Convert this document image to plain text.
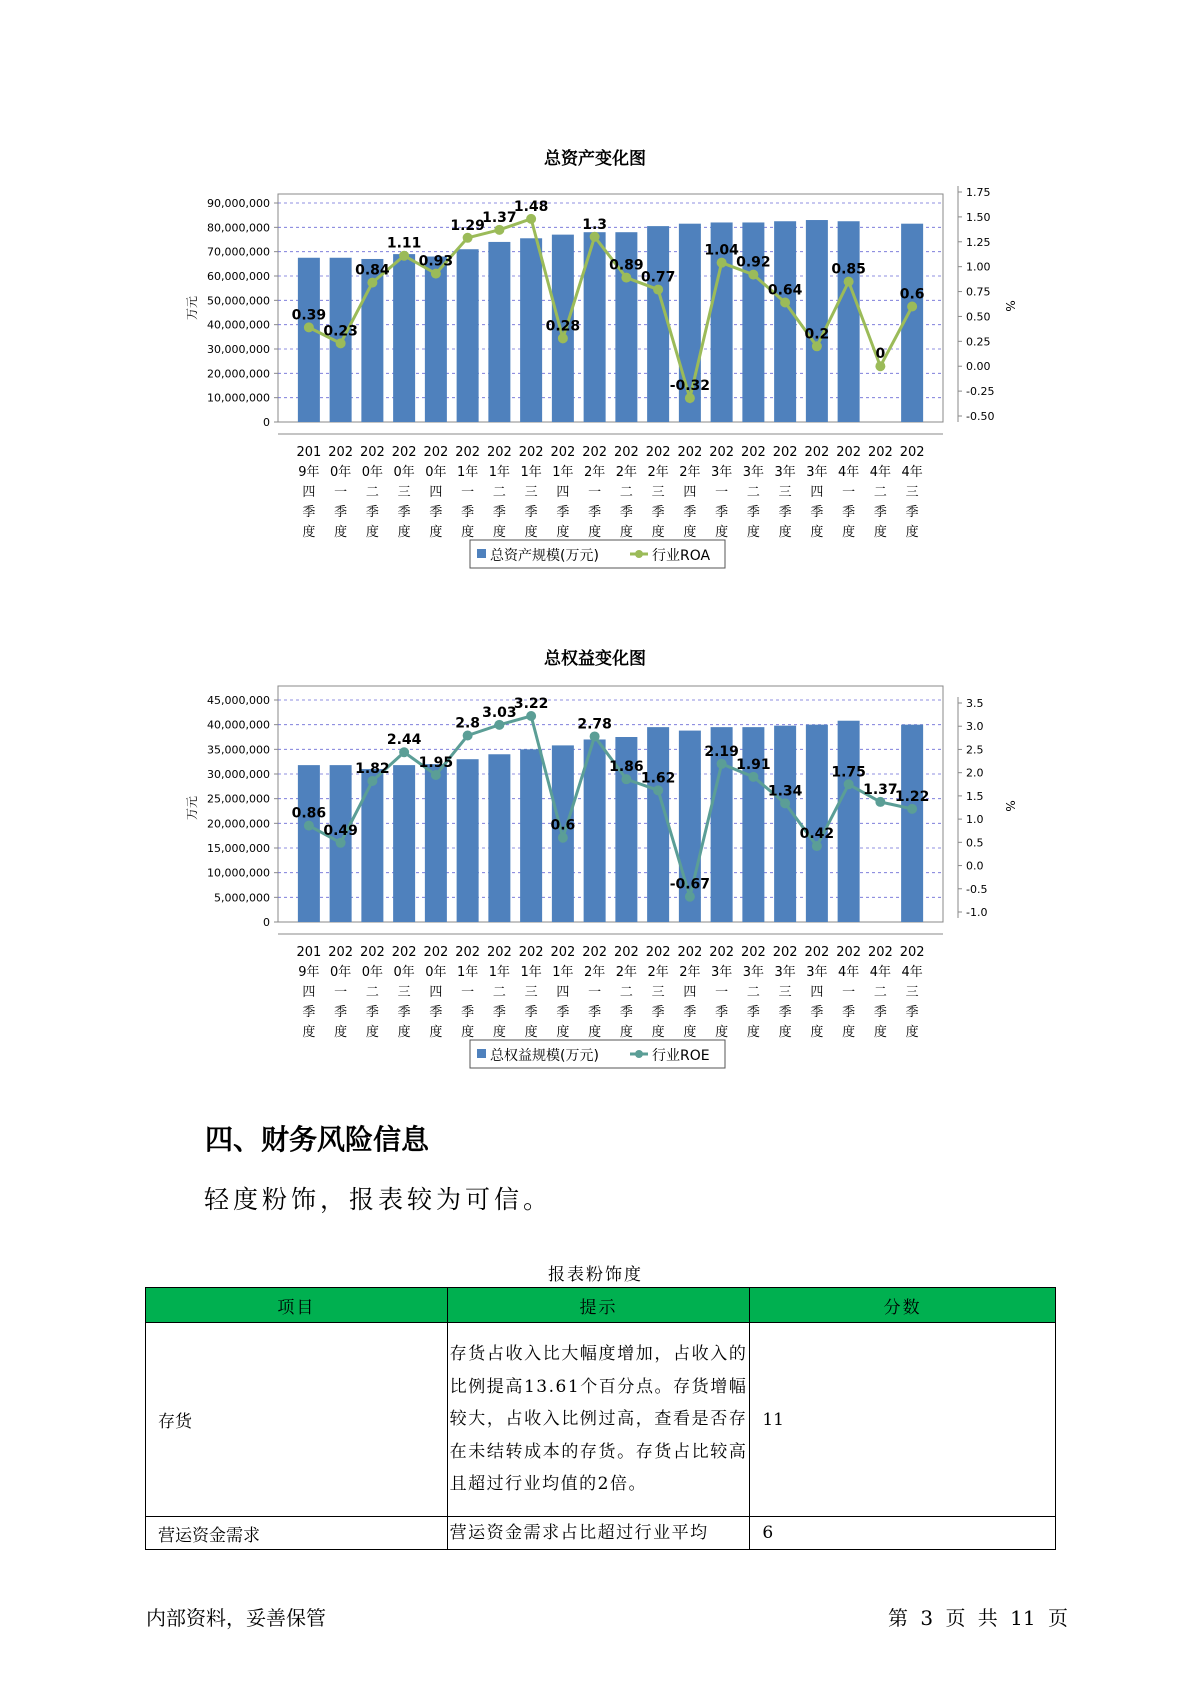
总资产变化图
0
10,000,000
20,000,000
30,000,000
40,000,000
50,000,000
60,000,000
70,000,000
80,000,000
90,000,000
-0.50
-0.25
0.00
0.25
0.50
0.75
1.00
1.25
1.50
1.75
万元	%
0.39
0.23
0.84
1.11
0.93
1.29
1.37
1.48
0.28
1.3
0.89
0.77
-0.32
1.04
0.92
0.64
0.2
0.85
0
0.6
201
9年
四
季
度
202
0年
一
季
度
202
0年
二
季
度
202
0年
三
季
度
202
0年
四
季
度
202
1年
一
季
度
202
1年
二
季
度
202
1年
三
季
度
202
1年
四
季
度
202
2年
一
季
度
202
2年
二
季
度
202
2年
三
季
度
202
2年
四
季
度
202
3年
一
季
度
202
3年
二
季
度
202
3年
三
季
度
202
3年
四
季
度
202
4年
一
季
度
202
4年
二
季
度
202
4年
三
季
度
总资产规模(万元)	行业ROA
总权益变化图
0
5,000,000
10,000,000
15,000,000
20,000,000
25,000,000
30,000,000
35,000,000
40,000,000
45,000,000
-1.0
-0.5
0.0
0.5
1.0
1.5
2.0
2.5
3.0
3.5
万元	%
0.86
0.49
1.82
2.44
1.95
2.8
3.03
3.22
0.6
2.78
1.86
1.62
-0.67
2.19
1.91
1.34
0.42
1.75
1.37
1.22
201
9年
四
季
度
202
0年
一
季
度
202
0年
二
季
度
202
0年
三
季
度
202
0年
四
季
度
202
1年
一
季
度
202
1年
二
季
度
202
1年
三
季
度
202
1年
四
季
度
202
2年
一
季
度
202
2年
二
季
度
202
2年
三
季
度
202
2年
四
季
度
202
3年
一
季
度
202
3年
二
季
度
202
3年
三
季
度
202
3年
四
季
度
202
4年
一
季
度
202
4年
二
季
度
202
4年
三
季
度
总权益规模(万元)	行业ROE
四、财务风险信息

轻度粉饰，报表较为可信。

报表粉饰度
项目	提示	分数
存货	存货占收入比大幅度增加，占收入的比例提高13.61个百分点。存货增幅较大，占收入比例过高，查看是否存在未结转成本的存货。存货占比较高且超过行业均值的2倍。	11
营运资金需求	营运资金需求占比超过行业平均	6
内部资料，妥善保管	第 3 页 共 11 页
